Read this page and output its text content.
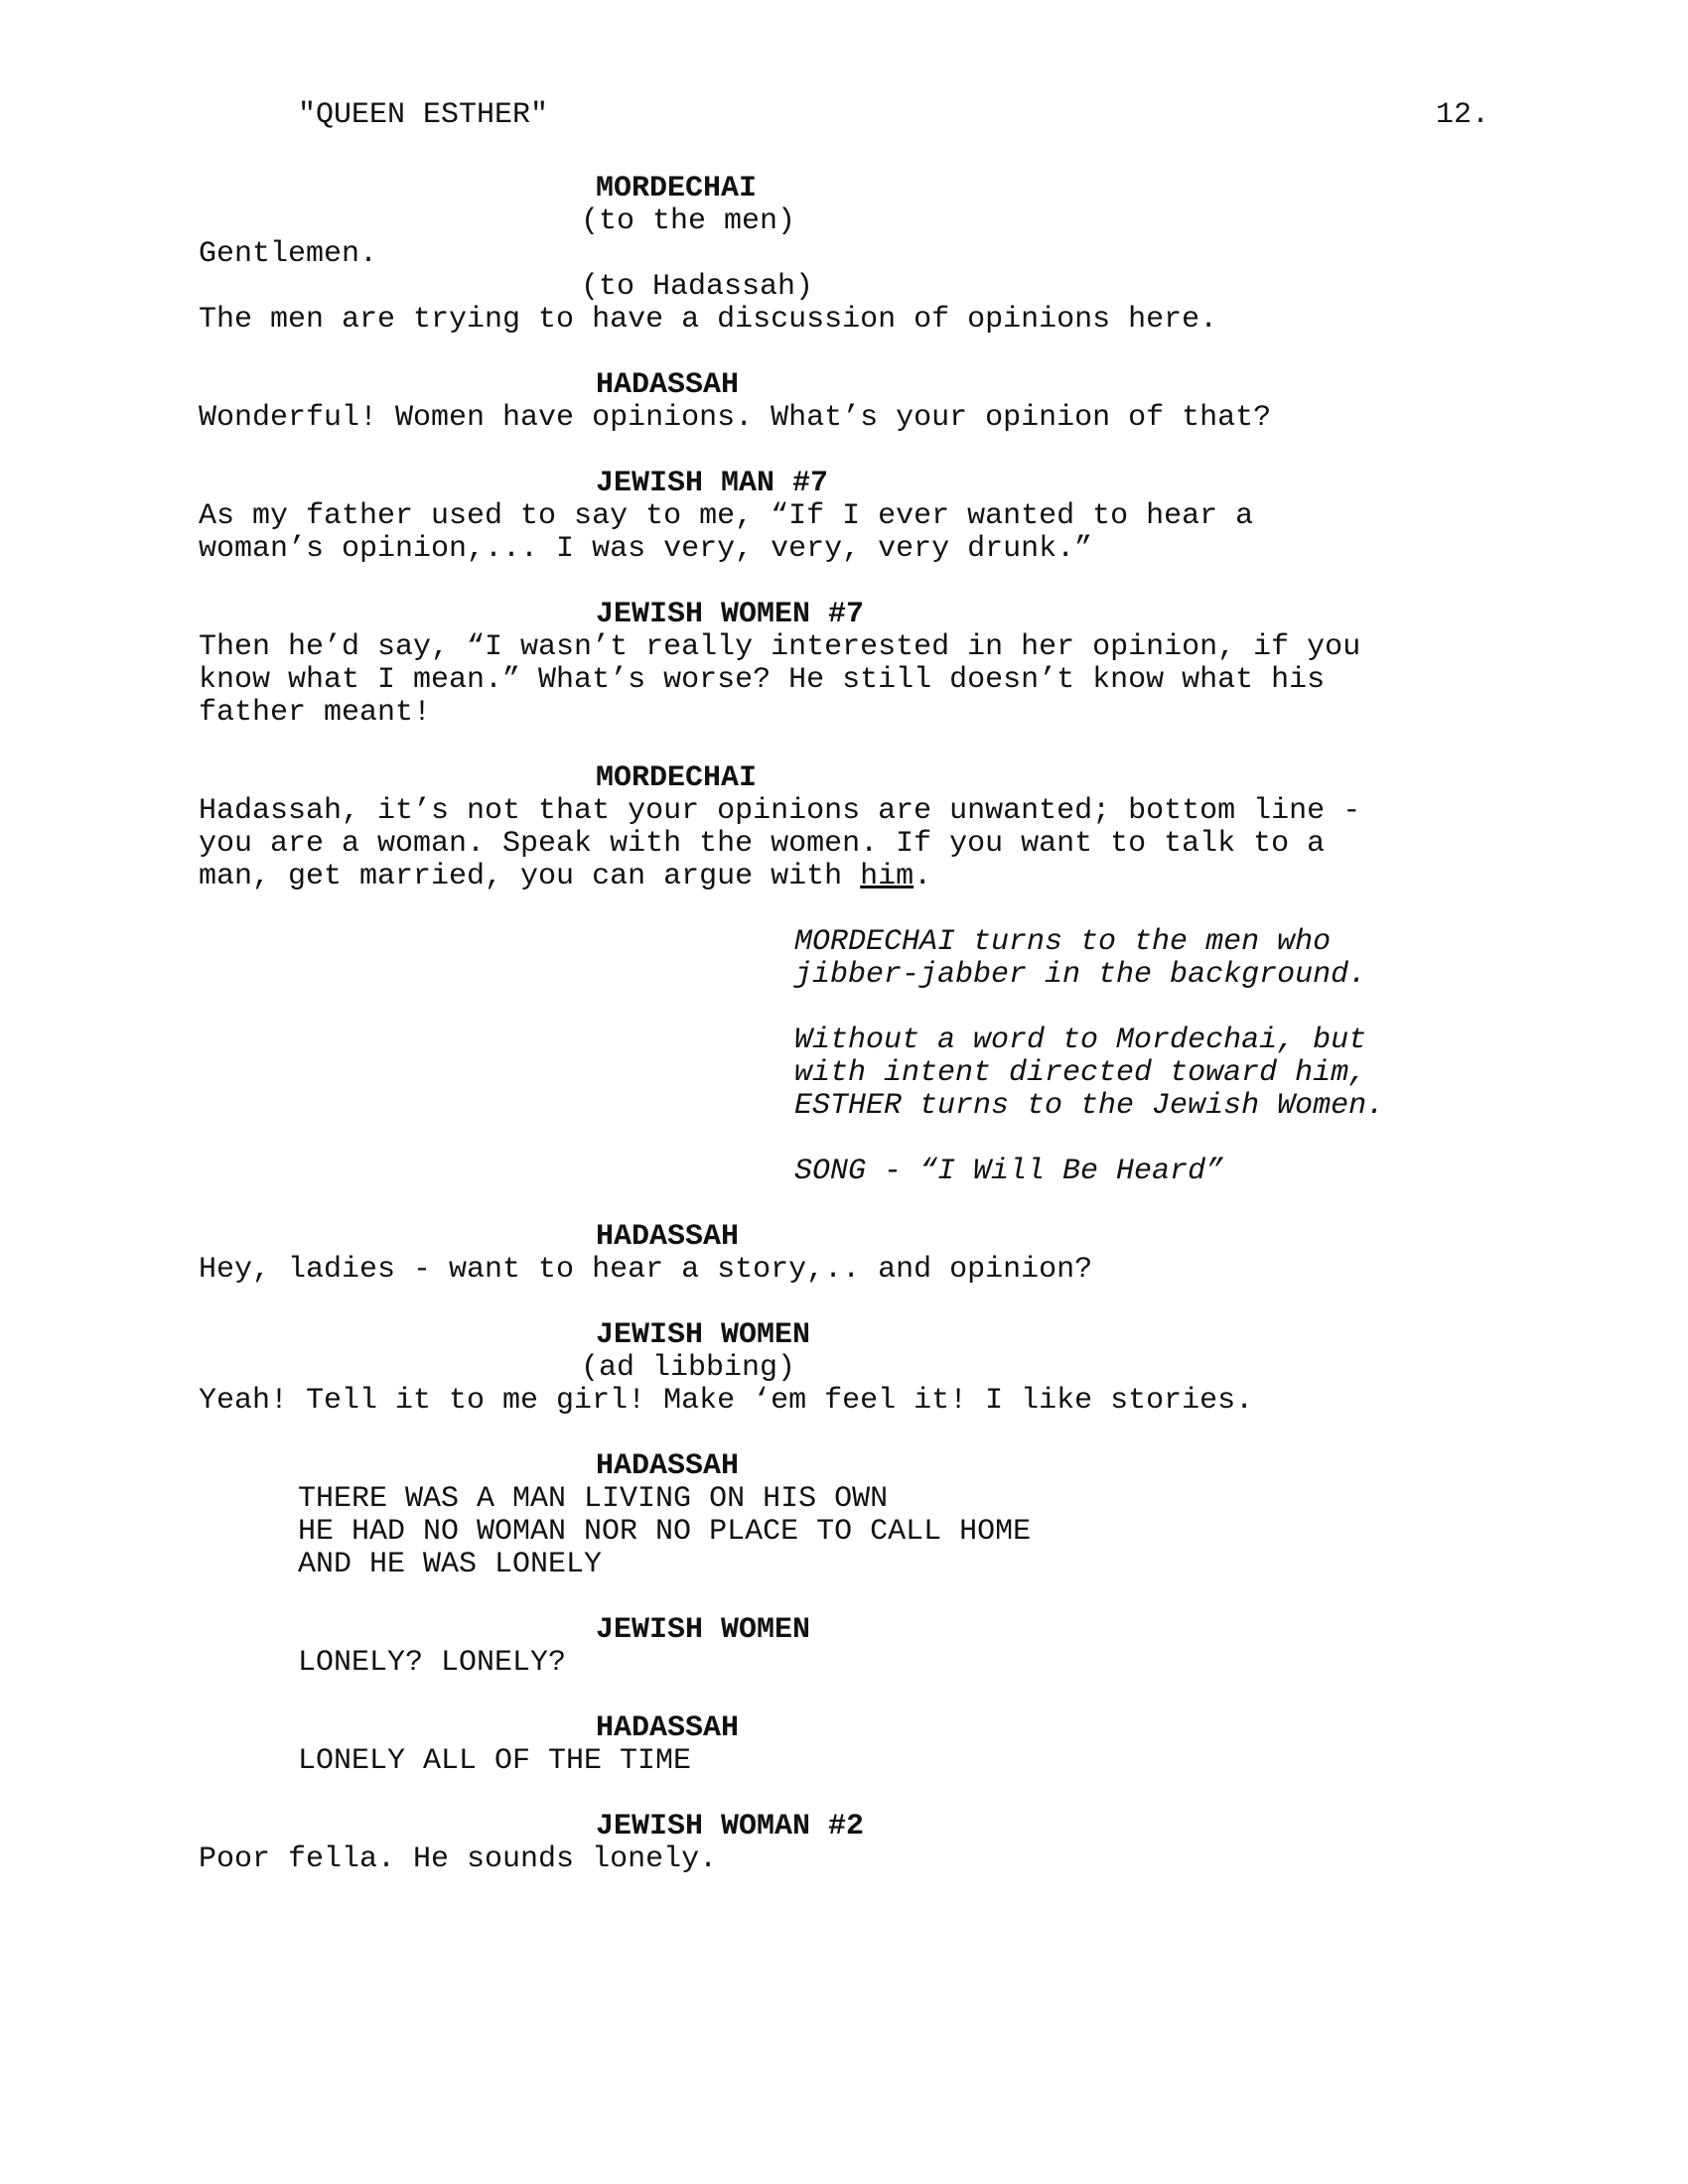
"QUEEN ESTHER"	12.
MORDECHAI
(to the men)
Gentlemen.
(to Hadassah)
The men are trying to have a discussion of opinions here.
HADASSAH
Wonderful! Women have opinions. What’s your opinion of that?
JEWISH MAN #7
As my father used to say to me, “If I ever wanted to hear a
woman’s opinion,... I was very, very, very drunk.”
JEWISH WOMEN #7
Then he’d say, “I wasn’t really interested in her opinion, if you
know what I mean.” What’s worse? He still doesn’t know what his
father meant!
MORDECHAI
Hadassah, it’s not that your opinions are unwanted; bottom line -
you are a woman. Speak with the women. If you want to talk to a
man, get married, you can argue with him.
MORDECHAI turns to the men who
jibber-jabber in the background.
Without a word to Mordechai, but
with intent directed toward him,
ESTHER turns to the Jewish Women.
SONG - “I Will Be Heard”
HADASSAH
Hey, ladies - want to hear a story,.. and opinion?
JEWISH WOMEN
(ad libbing)
Yeah! Tell it to me girl! Make ‘em feel it! I like stories.
HADASSAH
THERE WAS A MAN LIVING ON HIS OWN
HE HAD NO WOMAN NOR NO PLACE TO CALL HOME
AND HE WAS LONELY
JEWISH WOMEN
LONELY? LONELY?
HADASSAH
LONELY ALL OF THE TIME
JEWISH WOMAN #2
Poor fella. He sounds lonely.
